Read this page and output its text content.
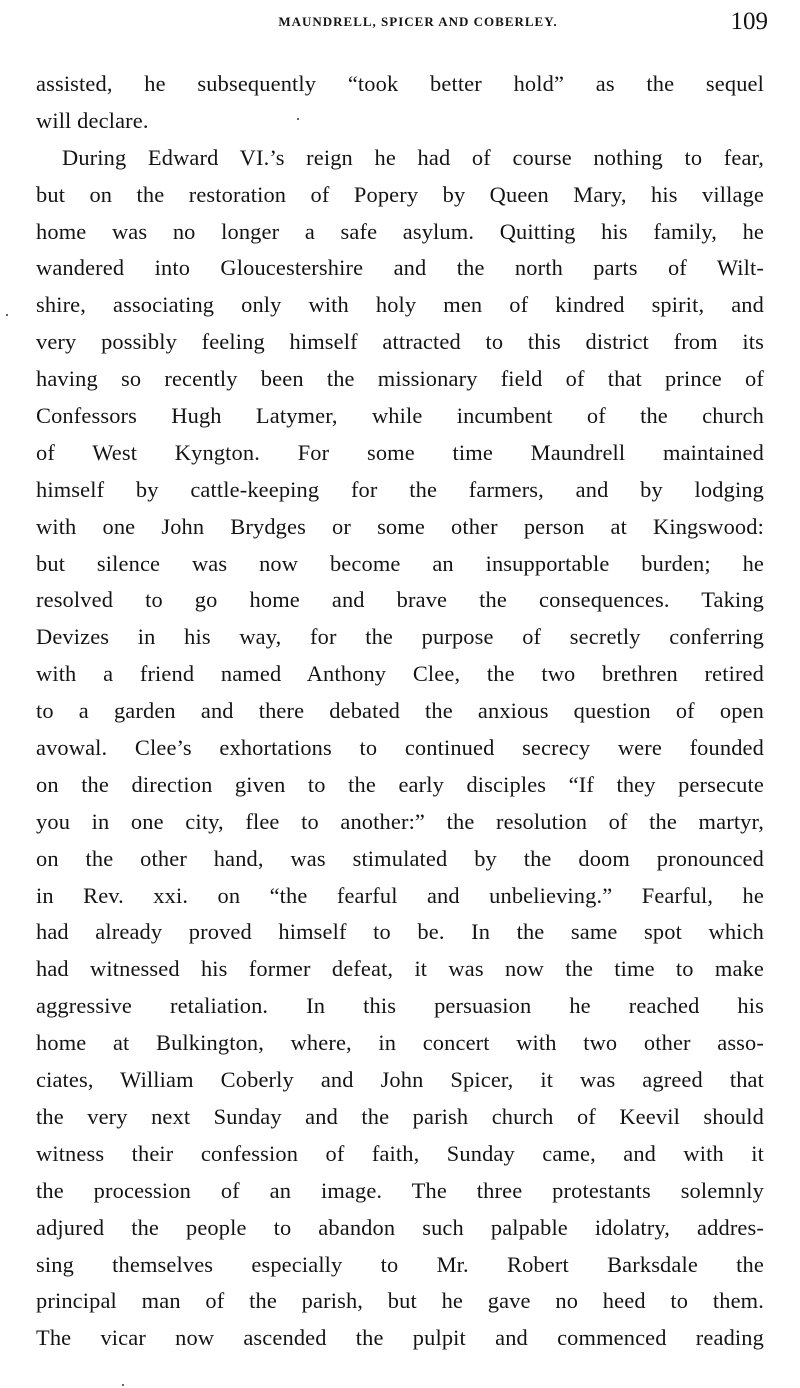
MAUNDRELL, SPICER AND COBERLEY.	109
assisted, he subsequently “took better hold” as the sequel
will declare.
During Edward VI.’s reign he had of course nothing to fear,
but on the restoration of Popery by Queen Mary, his village
home was no longer a safe asylum. Quitting his family, he
wandered into Gloucestershire and the north parts of Wilt-
shire, associating only with holy men of kindred spirit, and
very possibly feeling himself attracted to this district from its
having so recently been the missionary field of that prince of
Confessors Hugh Latymer, while incumbent of the church
of West Kyngton. For some time Maundrell maintained
himself by cattle-keeping for the farmers, and by lodging
with one John Brydges or some other person at Kingswood:
but silence was now become an insupportable burden; he
resolved to go home and brave the consequences. Taking
Devizes in his way, for the purpose of secretly conferring
with a friend named Anthony Clee, the two brethren retired
to a garden and there debated the anxious question of open
avowal. Clee’s exhortations to continued secrecy were founded
on the direction given to the early disciples “If they persecute
you in one city, flee to another:” the resolution of the martyr,
on the other hand, was stimulated by the doom pronounced
in Rev. xxi. on “the fearful and unbelieving.” Fearful, he
had already proved himself to be. In the same spot which
had witnessed his former defeat, it was now the time to make
aggressive retaliation. In this persuasion he reached his
home at Bulkington, where, in concert with two other asso-
ciates, William Coberly and John Spicer, it was agreed that
the very next Sunday and the parish church of Keevil should
witness their confession of faith, Sunday came, and with it
the procession of an image. The three protestants solemnly
adjured the people to abandon such palpable idolatry, addres-
sing themselves especially to Mr. Robert Barksdale the
principal man of the parish, but he gave no heed to them.
The vicar now ascended the pulpit and commenced reading
